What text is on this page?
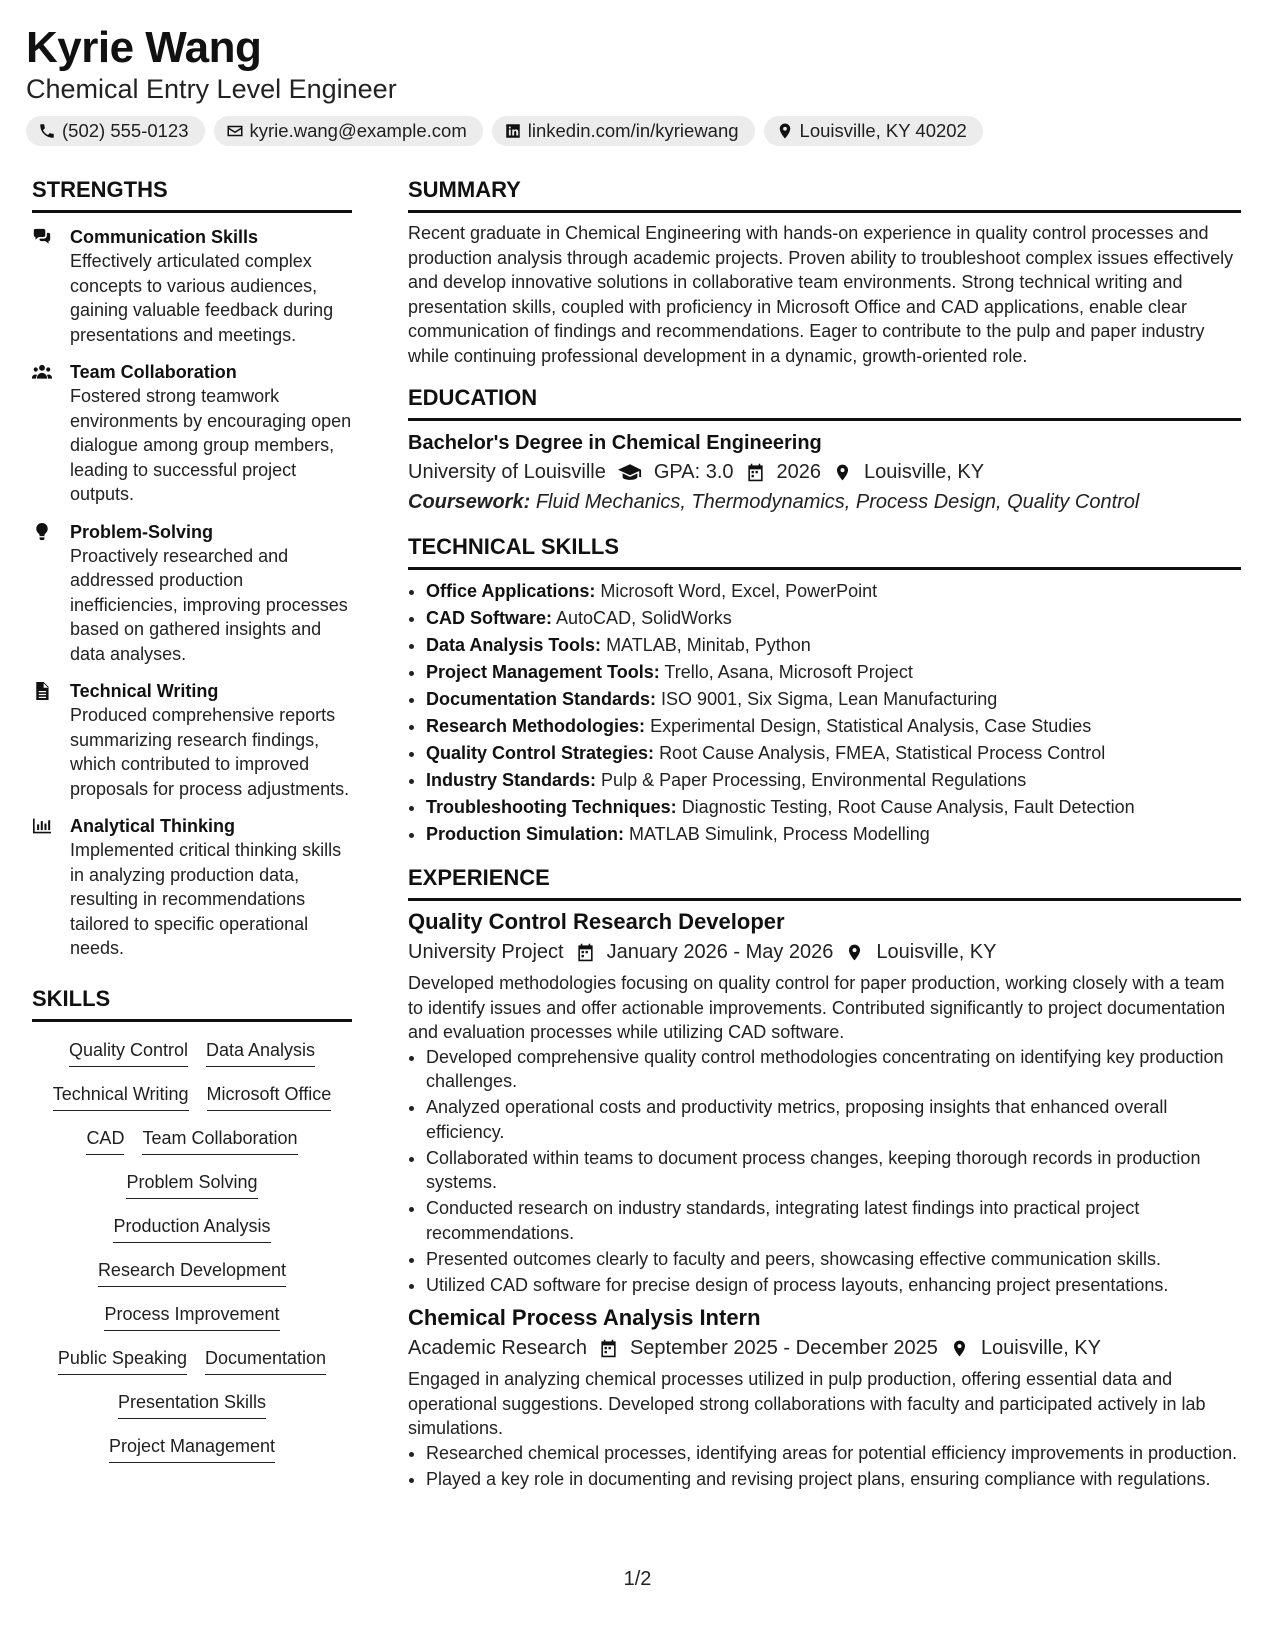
Kyrie Wang
Chemical Entry Level Engineer
(502) 555-0123	kyrie.wang@example.com	linkedin.com/in/kyriewang	Louisville, KY 40202
STRENGTHS
Communication Skills
Effectively articulated complex concepts to various audiences, gaining valuable feedback during presentations and meetings.
Team Collaboration
Fostered strong teamwork environments by encouraging open dialogue among group members, leading to successful project outputs.
Problem-Solving
Proactively researched and addressed production inefficiencies, improving processes based on gathered insights and data analyses.
Technical Writing
Produced comprehensive reports summarizing research findings, which contributed to improved proposals for process adjustments.
Analytical Thinking
Implemented critical thinking skills in analyzing production data, resulting in recommendations tailored to specific operational needs.
SKILLS
Quality Control Data Analysis
Technical Writing Microsoft Office
CAD Team Collaboration
Problem Solving
Production Analysis
Research Development
Process Improvement
Public Speaking Documentation
Presentation Skills
Project Management
SUMMARY
Recent graduate in Chemical Engineering with hands-on experience in quality control processes and production analysis through academic projects. Proven ability to troubleshoot complex issues effectively and develop innovative solutions in collaborative team environments. Strong technical writing and presentation skills, coupled with proficiency in Microsoft Office and CAD applications, enable clear communication of findings and recommendations. Eager to contribute to the pulp and paper industry while continuing professional development in a dynamic, growth-oriented role.
EDUCATION
Bachelor's Degree in Chemical Engineering
University of Louisville GPA: 3.0 2026 Louisville, KY
Coursework: Fluid Mechanics, Thermodynamics, Process Design, Quality Control
TECHNICAL SKILLS
• Office Applications: Microsoft Word, Excel, PowerPoint
• CAD Software: AutoCAD, SolidWorks
• Data Analysis Tools: MATLAB, Minitab, Python
• Project Management Tools: Trello, Asana, Microsoft Project
• Documentation Standards: ISO 9001, Six Sigma, Lean Manufacturing
• Research Methodologies: Experimental Design, Statistical Analysis, Case Studies
• Quality Control Strategies: Root Cause Analysis, FMEA, Statistical Process Control
• Industry Standards: Pulp & Paper Processing, Environmental Regulations
• Troubleshooting Techniques: Diagnostic Testing, Root Cause Analysis, Fault Detection
• Production Simulation: MATLAB Simulink, Process Modelling
EXPERIENCE
Quality Control Research Developer
University Project January 2026 - May 2026 Louisville, KY
Developed methodologies focusing on quality control for paper production, working closely with a team to identify issues and offer actionable improvements. Contributed significantly to project documentation and evaluation processes while utilizing CAD software.
• Developed comprehensive quality control methodologies concentrating on identifying key production challenges.
• Analyzed operational costs and productivity metrics, proposing insights that enhanced overall efficiency.
• Collaborated within teams to document process changes, keeping thorough records in production systems.
• Conducted research on industry standards, integrating latest findings into practical project recommendations.
• Presented outcomes clearly to faculty and peers, showcasing effective communication skills.
• Utilized CAD software for precise design of process layouts, enhancing project presentations.
Chemical Process Analysis Intern
Academic Research September 2025 - December 2025 Louisville, KY
Engaged in analyzing chemical processes utilized in pulp production, offering essential data and operational suggestions. Developed strong collaborations with faculty and participated actively in lab simulations.
• Researched chemical processes, identifying areas for potential efficiency improvements in production.
• Played a key role in documenting and revising project plans, ensuring compliance with regulations.
1/2
